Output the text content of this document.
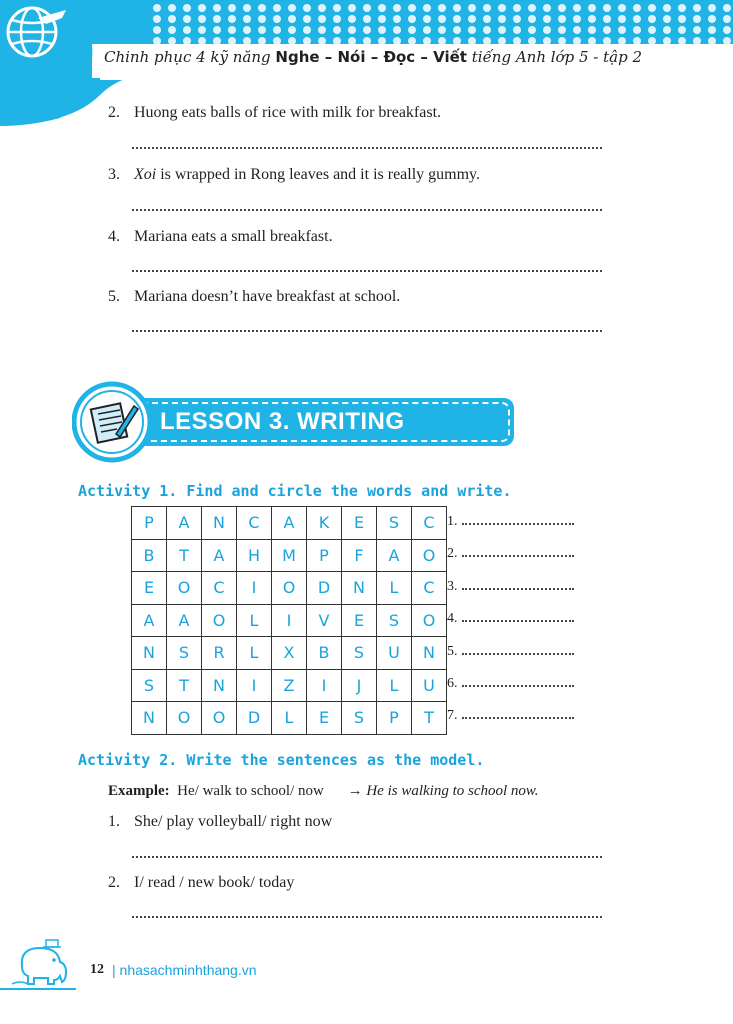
Chinh phục 4 kỹ năng Nghe – Nói – Đọc – Viết tiếng Anh lớp 5 - tập 2
2. Huong eats balls of rice with milk for breakfast.
3. Xoi is wrapped in Rong leaves and it is really gummy.
4. Mariana eats a small breakfast.
5. Mariana doesn’t have breakfast at school.
LESSON 3. WRITING
Activity 1. Find and circle the words and write.
P	A	N	C	A	K	E	S	C
B	T	A	H	M	P	F	A	O
E	O	C	I	O	D	N	L	C
A	A	O	L	I	V	E	S	O
N	S	R	L	X	B	S	U	N
S	T	N	I	Z	I	J	L	U
N	O	O	D	L	E	S	P	T
1.
2.
3.
4.
5.
6.
7.
Activity 2. Write the sentences as the model.
Example: He/ walk to school/ now → He is walking to school now.
1. She/ play volleyball/ right now
2. I/ read / new book/ today
12 | nhasachminhthang.vn
